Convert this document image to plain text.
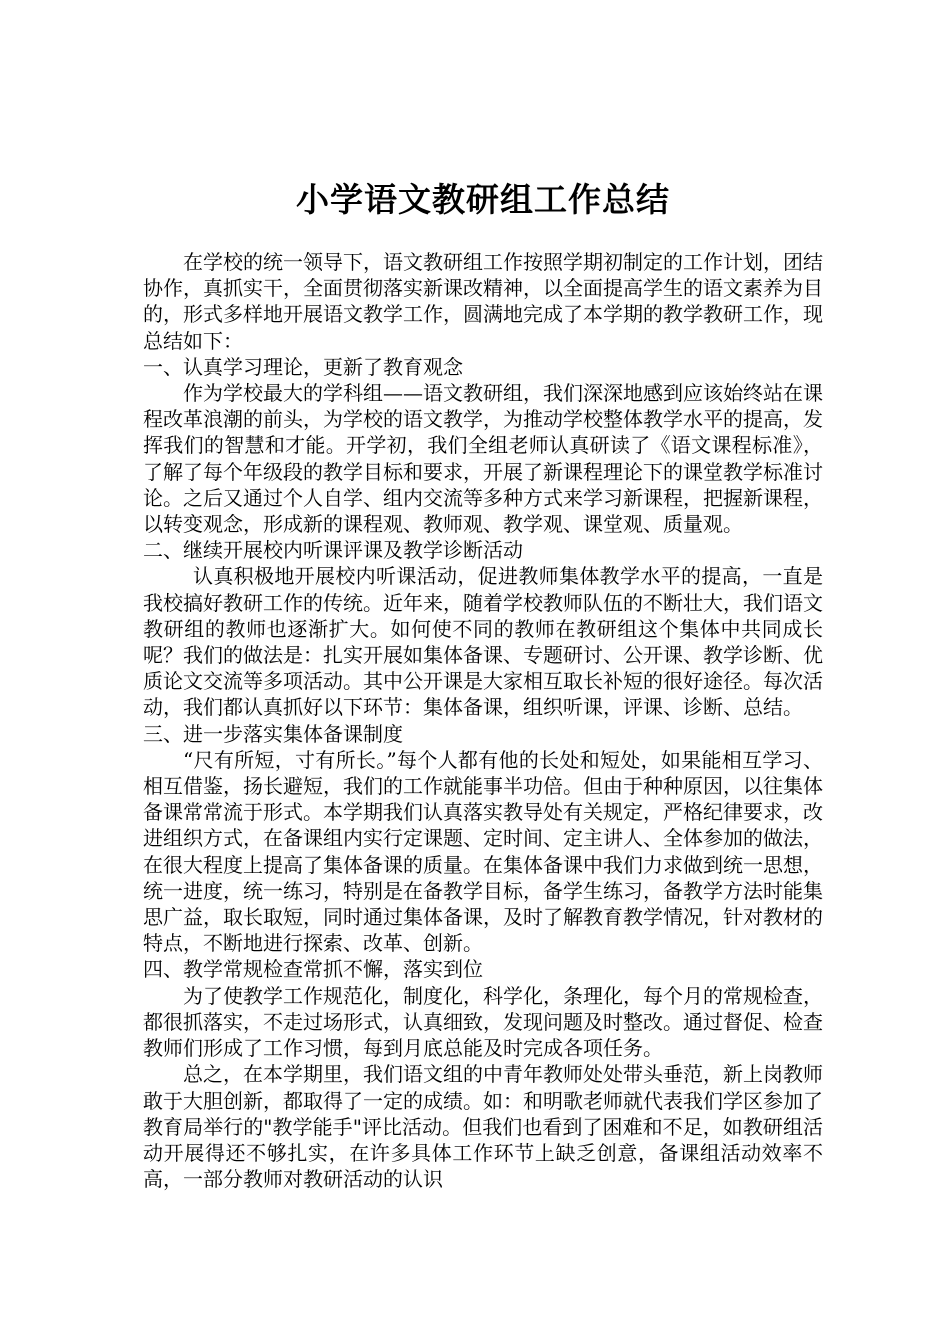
小学语文教研组工作总结

在学校的统一领导下，语文教研组工作按照学期初制定的工作计划，团结协作，真抓实干，全面贯彻落实新课改精神，以全面提高学生的语文素养为目的，形式多样地开展语文教学工作，圆满地完成了本学期的教学教研工作，现总结如下：

一、认真学习理论，更新了教育观念

作为学校最大的学科组——语文教研组，我们深深地感到应该始终站在课程改革浪潮的前头，为学校的语文教学，为推动学校整体教学水平的提高，发挥我们的智慧和才能。开学初，我们全组老师认真研读了《语文课程标准》，了解了每个年级段的教学目标和要求，开展了新课程理论下的课堂教学标准讨论。之后又通过个人自学、组内交流等多种方式来学习新课程，把握新课程，以转变观念，形成新的课程观、教师观、教学观、课堂观、质量观。

二、继续开展校内听课评课及教学诊断活动

认真积极地开展校内听课活动，促进教师集体教学水平的提高，一直是我校搞好教研工作的传统。近年来，随着学校教师队伍的不断壮大，我们语文教研组的教师也逐渐扩大。如何使不同的教师在教研组这个集体中共同成长呢？我们的做法是：扎实开展如集体备课、专题研讨、公开课、教学诊断、优质论文交流等多项活动。其中公开课是大家相互取长补短的很好途径。每次活动，我们都认真抓好以下环节：集体备课，组织听课，评课、诊断、总结。

三、进一步落实集体备课制度

“尺有所短，寸有所长。”每个人都有他的长处和短处，如果能相互学习、相互借鉴，扬长避短，我们的工作就能事半功倍。但由于种种原因，以往集体备课常常流于形式。本学期我们认真落实教导处有关规定，严格纪律要求，改进组织方式，在备课组内实行定课题、定时间、定主讲人、全体参加的做法，在很大程度上提高了集体备课的质量。在集体备课中我们力求做到统一思想，统一进度，统一练习，特别是在备教学目标，备学生练习，备教学方法时能集思广益，取长取短，同时通过集体备课，及时了解教育教学情况，针对教材的特点，不断地进行探索、改革、创新。

四、教学常规检查常抓不懈，落实到位

为了使教学工作规范化，制度化，科学化，条理化，每个月的常规检查，都很抓落实，不走过场形式，认真细致，发现问题及时整改。通过督促、检查教师们形成了工作习惯，每到月底总能及时完成各项任务。

总之，在本学期里，我们语文组的中青年教师处处带头垂范，新上岗教师敢于大胆创新，都取得了一定的成绩。如：和明歌老师就代表我们学区参加了教育局举行的"教学能手"评比活动。但我们也看到了困难和不足，如教研组活动开展得还不够扎实，在许多具体工作环节上缺乏创意，备课组活动效率不高，一部分教师对教研活动的认识
